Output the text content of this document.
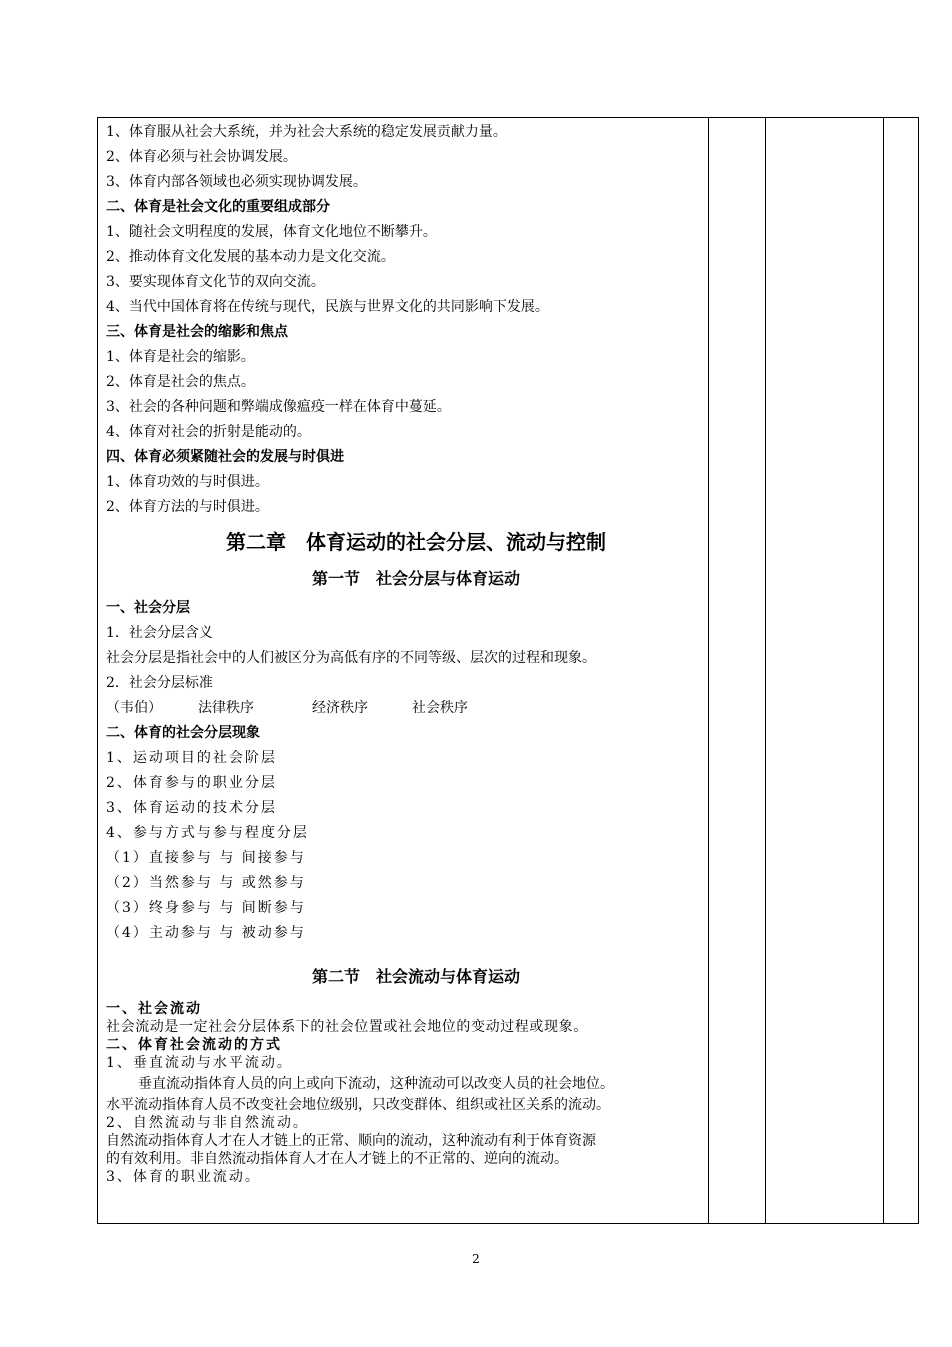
1、体育服从社会大系统，并为社会大系统的稳定发展贡献力量。
2、体育必须与社会协调发展。
3、体育内部各领域也必须实现协调发展。
二、体育是社会文化的重要组成部分
1、随社会文明程度的发展，体育文化地位不断攀升。
2、推动体育文化发展的基本动力是文化交流。
3、要实现体育文化节的双向交流。
4、当代中国体育将在传统与现代，民族与世界文化的共同影响下发展。
三、体育是社会的缩影和焦点
1、体育是社会的缩影。
2、体育是社会的焦点。
3、社会的各种问题和弊端成像瘟疫一样在体育中蔓延。
4、体育对社会的折射是能动的。
四、体育必须紧随社会的发展与时俱进
1、体育功效的与时俱进。
2、体育方法的与时俱进。
第二章　体育运动的社会分层、流动与控制
第一节　社会分层与体育运动
一、社会分层
1．社会分层含义
社会分层是指社会中的人们被区分为高低有序的不同等级、层次的过程和现象。
2．社会分层标准
（韦伯）	法律秩序	经济秩序	社会秩序
二、体育的社会分层现象
1、运动项目的社会阶层
2、体育参与的职业分层
3、体育运动的技术分层
4、参与方式与参与程度分层
（1）直接参与 与 间接参与
（2）当然参与 与 或然参与
（3）终身参与 与 间断参与
（4）主动参与 与 被动参与
第二节　社会流动与体育运动
一、社会流动
社会流动是一定社会分层体系下的社会位置或社会地位的变动过程或现象。
二、体育社会流动的方式
1、垂直流动与水平流动。
垂直流动指体育人员的向上或向下流动，这种流动可以改变人员的社会地位。
水平流动指体育人员不改变社会地位级别，只改变群体、组织或社区关系的流动。
2、自然流动与非自然流动。
自然流动指体育人才在人才链上的正常、顺向的流动，这种流动有利于体育资源
的有效利用。非自然流动指体育人才在人才链上的不正常的、逆向的流动。
3、体育的职业流动。
2
